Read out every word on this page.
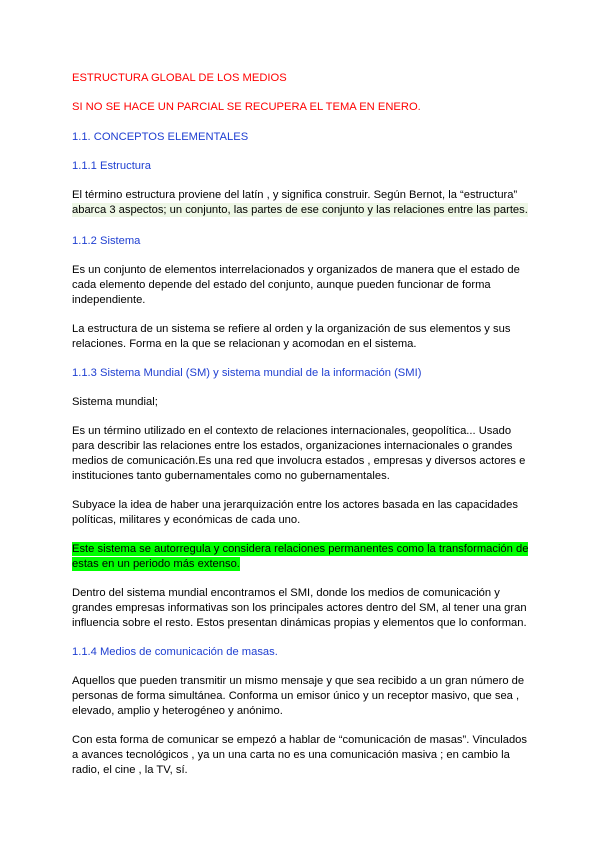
ESTRUCTURA GLOBAL DE LOS MEDIOS
SI NO SE HACE UN PARCIAL SE RECUPERA EL TEMA EN ENERO.
1.1. CONCEPTOS ELEMENTALES
1.1.1 Estructura
El término estructura proviene del latín , y significa construir. Según Bernot, la “estructura”
abarca 3 aspectos; un conjunto, las partes de ese conjunto y las relaciones entre las partes.
1.1.2 Sistema
Es un conjunto de elementos interrelacionados y organizados de manera que el estado de
cada elemento depende del estado del conjunto, aunque pueden funcionar de forma
independiente.
La estructura de un sistema se refiere al orden y la organización de sus elementos y sus
relaciones. Forma en la que se relacionan y acomodan en el sistema.
1.1.3 Sistema Mundial (SM) y sistema mundial de la información (SMI)
Sistema mundial;
Es un término utilizado en el contexto de relaciones internacionales, geopolítica... Usado
para describir las relaciones entre los estados, organizaciones internacionales o grandes
medios de comunicación.Es una red que involucra estados , empresas y diversos actores e
instituciones tanto gubernamentales como no gubernamentales.
Subyace la idea de haber una jerarquización entre los actores basada en las capacidades
políticas, militares y económicas de cada uno.
Este sistema se autorregula y considera relaciones permanentes como la transformación de
estas en un periodo más extenso.
Dentro del sistema mundial encontramos el SMI, donde los medios de comunicación y
grandes empresas informativas son los principales actores dentro del SM, al tener una gran
influencia sobre el resto. Estos presentan dinámicas propias y elementos que lo conforman.
1.1.4 Medios de comunicación de masas.
Aquellos que pueden transmitir un mismo mensaje y que sea recibido a un gran número de
personas de forma simultánea. Conforma un emisor único y un receptor masivo, que sea ,
elevado, amplio y heterogéneo y anónimo.
Con esta forma de comunicar se empezó a hablar de “comunicación de masas”. Vinculados
a avances tecnológicos , ya un una carta no es una comunicación masiva ; en cambio la
radio, el cine , la TV, sí.
